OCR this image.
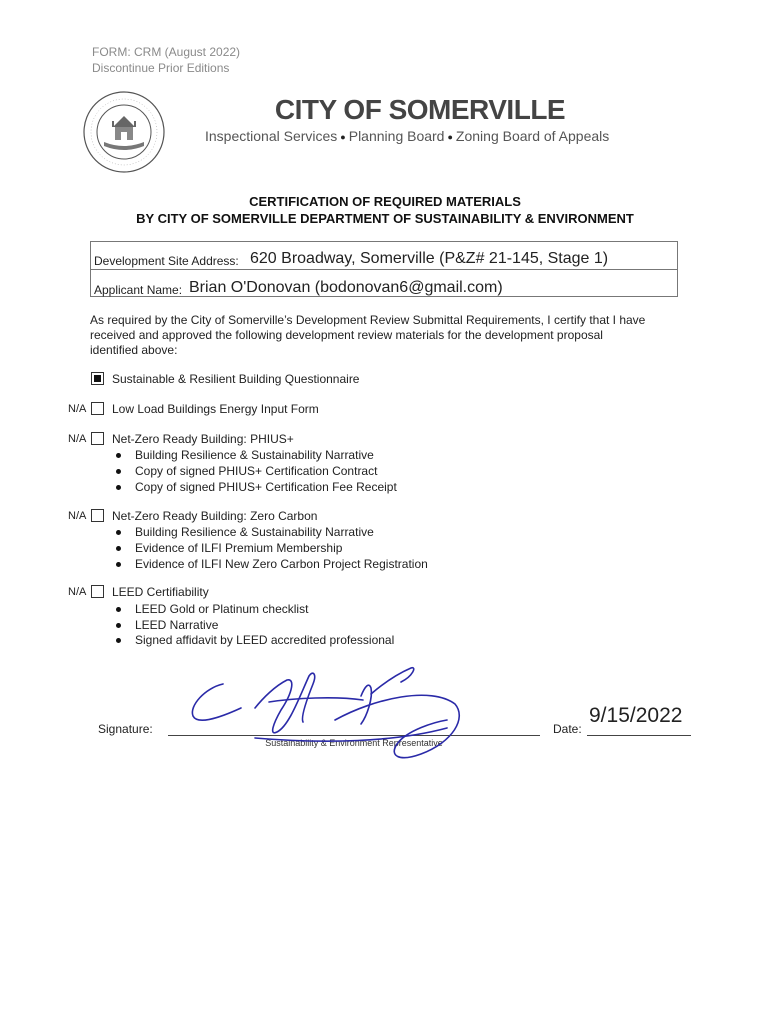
FORM: CRM (August 2022)
Discontinue Prior Editions
CITY OF SOMERVILLE
Inspectional Services ● Planning Board ● Zoning Board of Appeals
CERTIFICATION OF REQUIRED MATERIALS
BY CITY OF SOMERVILLE DEPARTMENT OF SUSTAINABILITY & ENVIRONMENT
Development Site Address: 620 Broadway, Somerville (P&Z# 21-145, Stage 1)
Applicant Name: Brian O'Donovan (bodonovan6@gmail.com)
As required by the City of Somerville’s Development Review Submittal Requirements, I certify that I have
received and approved the following development review materials for the development proposal
identified above:
Sustainable & Resilient Building Questionnaire
N/A Low Load Buildings Energy Input Form
N/A Net-Zero Ready Building: PHIUS+
Building Resilience & Sustainability Narrative
Copy of signed PHIUS+ Certification Contract
Copy of signed PHIUS+ Certification Fee Receipt
N/A Net-Zero Ready Building: Zero Carbon
Building Resilience & Sustainability Narrative
Evidence of ILFI Premium Membership
Evidence of ILFI New Zero Carbon Project Registration
N/A LEED Certifiability
LEED Gold or Platinum checklist
LEED Narrative
Signed affidavit by LEED accredited professional
Signature:
Sustainability & Environment Representative
Date:
9/15/2022
